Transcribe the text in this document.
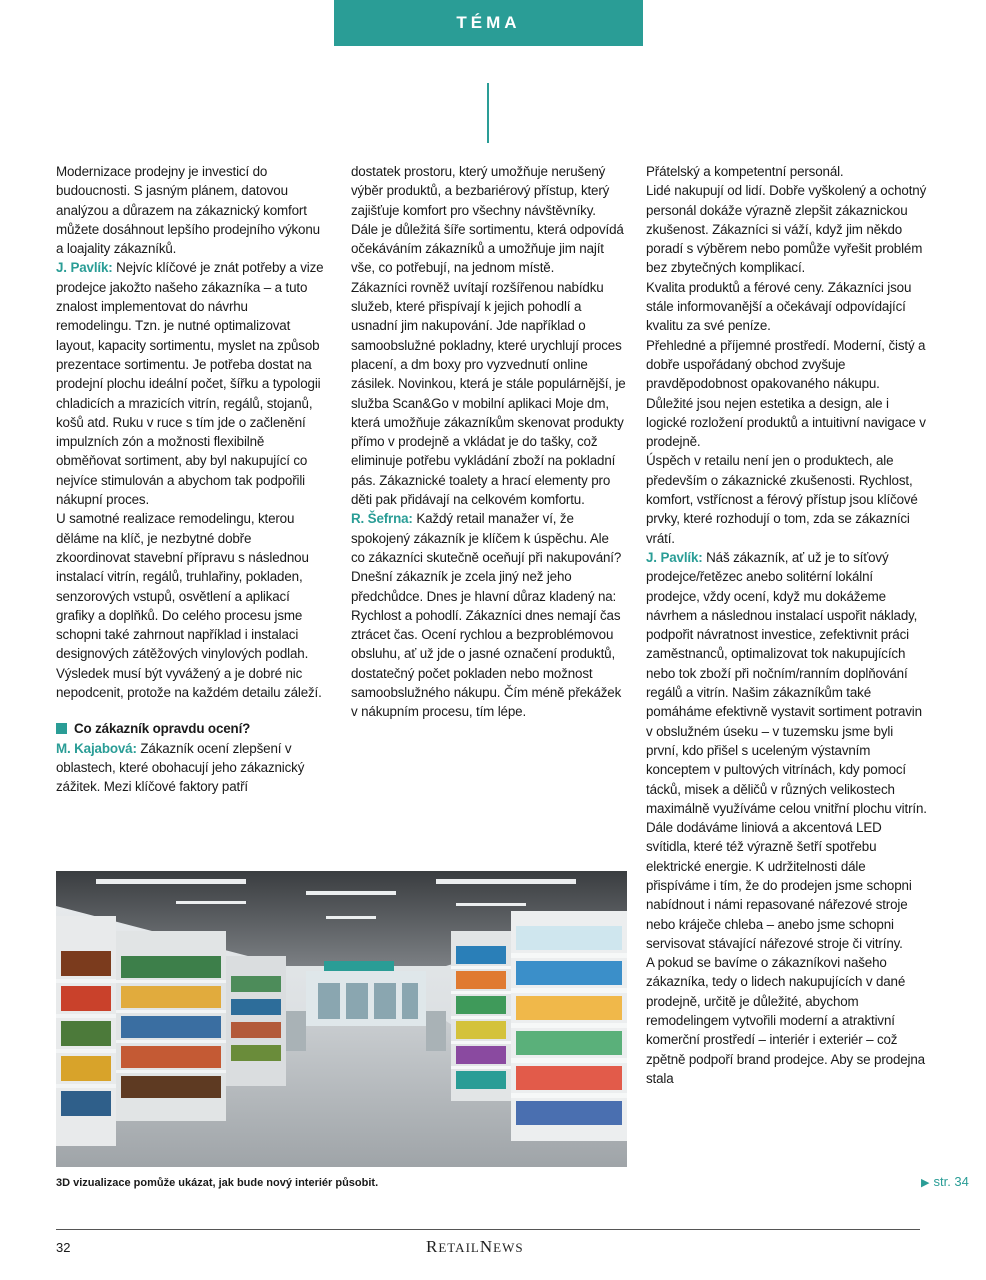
TÉMA

Modernizace prodejny je investicí do budoucnosti. S jasným plánem, datovou analýzou a důrazem na zákaznický komfort můžete dosáhnout lepšího prodejního výkonu a loajality zákazníků.

J. Pavlík: Nejvíc klíčové je znát potřeby a vize prodejce jakožto našeho zákazníka – a tuto znalost implementovat do návrhu remodelingu. Tzn. je nutné optimalizovat layout, kapacity sortimentu, myslet na způsob prezentace sortimentu. Je potřeba dostat na prodejní plochu ideální počet, šířku a typologii chladicích a mrazicích vitrín, regálů, stojanů, košů atd. Ruku v ruce s tím jde o začlenění impulzních zón a možnosti flexibilně obměňovat sortiment, aby byl nakupující co nejvíce stimulován a abychom tak podpořili nákupní proces.

U samotné realizace remodelingu, kterou děláme na klíč, je nezbytné dobře zkoordinovat stavební přípravu s následnou instalací vitrín, regálů, truhlařiny, pokladen, senzorových vstupů, osvětlení a aplikací grafiky a doplňků. Do celého procesu jsme schopni také zahrnout například i instalaci designových zátěžových vinylových podlah. Výsledek musí být vyvážený a je dobré nic nepodcenit, protože na každém detailu záleží.

Co zákazník opravdu ocení?

M. Kajabová: Zákazník ocení zlepšení v oblastech, které obohacují jeho zákaznický zážitek. Mezi klíčové faktory patří

dostatek prostoru, který umožňuje nerušený výběr produktů, a bezbariérový přístup, který zajišťuje komfort pro všechny návštěvníky.

Dále je důležitá šíře sortimentu, která odpovídá očekáváním zákazníků a umožňuje jim najít vše, co potřebují, na jednom místě.

Zákazníci rovněž uvítají rozšířenou nabídku služeb, které přispívají k jejich pohodlí a usnadní jim nakupování. Jde například o samoobslužné pokladny, které urychlují proces placení, a dm boxy pro vyzvednutí online zásilek. Novinkou, která je stále populárnější, je služba Scan&Go v mobilní aplikaci Moje dm, která umožňuje zákazníkům skenovat produkty přímo v prodejně a vkládat je do tašky, což eliminuje potřebu vykládání zboží na pokladní pás. Zákaznické toalety a hrací elementy pro děti pak přidávají na celkovém komfortu.

R. Šefrna: Každý retail manažer ví, že spokojený zákazník je klíčem k úspěchu. Ale co zákazníci skutečně oceňují při nakupování? Dnešní zákazník je zcela jiný než jeho předchůdce. Dnes je hlavní důraz kladený na:

Rychlost a pohodlí. Zákazníci dnes nemají čas ztrácet čas. Ocení rychlou a bezproblémovou obsluhu, ať už jde o jasné označení produktů, dostatečný počet pokladen nebo možnost samoobslužného nákupu. Čím méně překážek v nákupním procesu, tím lépe.

Přátelský a kompetentní personál.

Lidé nakupují od lidí. Dobře vyškolený a ochotný personál dokáže výrazně zlepšit zákaznickou zkušenost. Zákazníci si váží, když jim někdo poradí s výběrem nebo pomůže vyřešit problém bez zbytečných komplikací.

Kvalita produktů a férové ceny. Zákazníci jsou stále informovanější a očekávají odpovídající kvalitu za své peníze.

Přehledné a příjemné prostředí. Moderní, čistý a dobře uspořádaný obchod zvyšuje pravděpodobnost opakovaného nákupu. Důležité jsou nejen estetika a design, ale i logické rozložení produktů a intuitivní navigace v prodejně.

Úspěch v retailu není jen o produktech, ale především o zákaznické zkušenosti. Rychlost, komfort, vstřícnost a férový přístup jsou klíčové prvky, které rozhodují o tom, zda se zákazníci vrátí.

J. Pavlík: Náš zákazník, ať už je to síťový prodejce/řetězec anebo solitérní lokální prodejce, vždy ocení, když mu dokážeme návrhem a následnou instalací uspořit náklady, podpořit návratnost investice, zefektivnit práci zaměstnanců, optimalizovat tok nakupujících nebo tok zboží při nočním/ranním doplňování regálů a vitrín. Našim zákazníkům také pomáháme efektivně vystavit sortiment potravin v obslužném úseku – v tuzemsku jsme byli první, kdo přišel s uceleným výstavním konceptem v pultových vitrínách, kdy pomocí tácků, misek a děličů v různých velikostech maximálně využíváme celou vnitřní plochu vitrín. Dále dodáváme liniová a akcentová LED svítidla, které též výrazně šetří spotřebu elektrické energie. K udržitelnosti dále přispíváme i tím, že do prodejen jsme schopni nabídnout i námi repasované nářezové stroje nebo kráječe chleba – anebo jsme schopni servisovat stávající nářezové stroje či vitríny.

A pokud se bavíme o zákazníkovi našeho zákazníka, tedy o lidech nakupujících v dané prodejně, určitě je důležité, abychom remodelingem vytvořili moderní a atraktivní komerční prostředí – interiér i exteriér – což zpětně podpoří brand prodejce. Aby se prodejna stala

3D vizualizace pomůže ukázat, jak bude nový interiér působit.	▶ str. 34
32	RETAILNEWS
